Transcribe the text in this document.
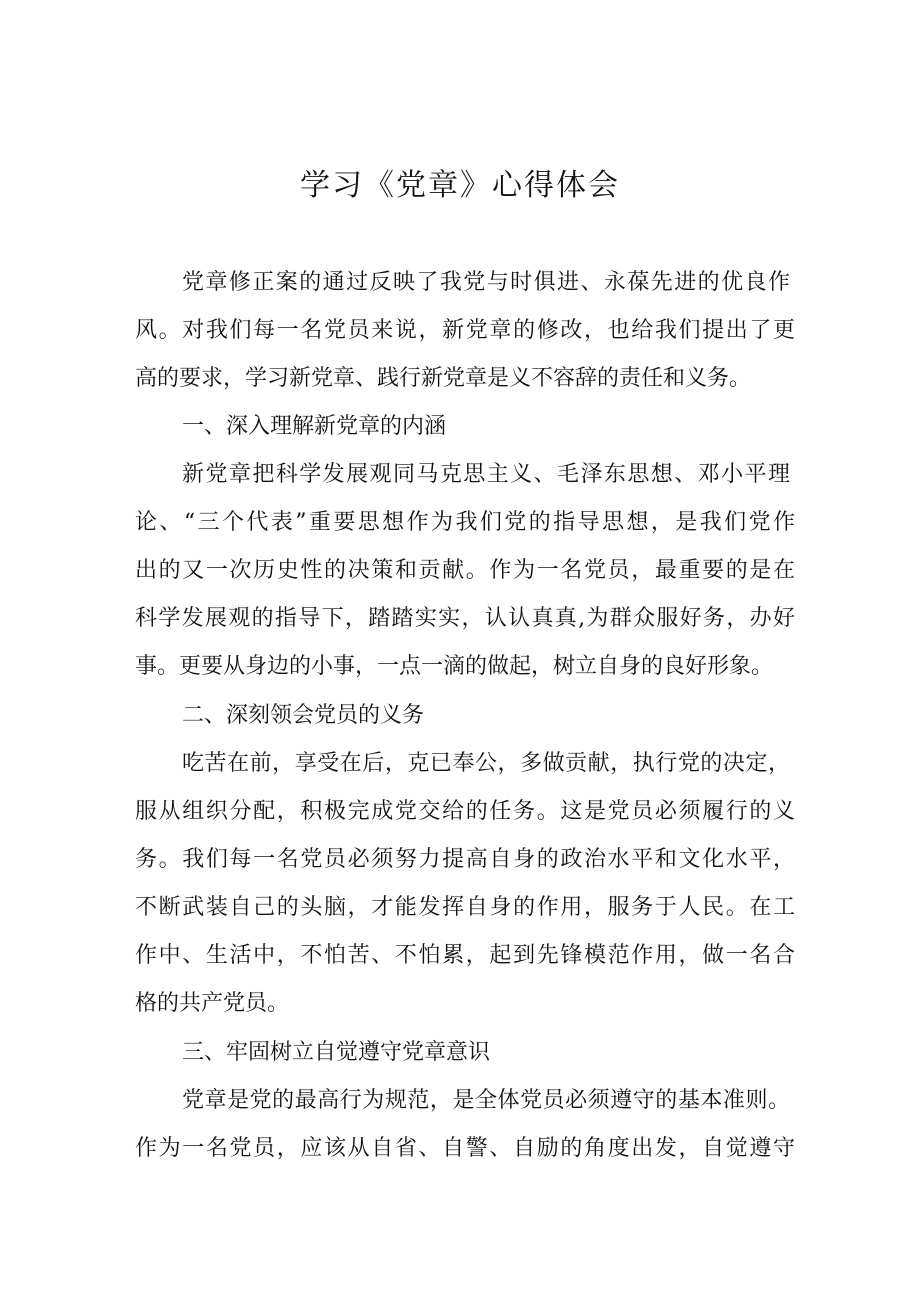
学习《党章》心得体会

党章修正案的通过反映了我党与时俱进、永葆先进的优良作

风。对我们每一名党员来说，新党章的修改，也给我们提出了更

高的要求，学习新党章、践行新党章是义不容辞的责任和义务。

一、深入理解新党章的内涵

新党章把科学发展观同马克思主义、毛泽东思想、邓小平理

论、“三个代表”重要思想作为我们党的指导思想，是我们党作

出的又一次历史性的决策和贡献。作为一名党员，最重要的是在

科学发展观的指导下，踏踏实实，认认真真,为群众服好务，办好

事。更要从身边的小事，一点一滴的做起，树立自身的良好形象。

二、深刻领会党员的义务

吃苦在前，享受在后，克已奉公，多做贡献，执行党的决定，

服从组织分配，积极完成党交给的任务。这是党员必须履行的义

务。我们每一名党员必须努力提高自身的政治水平和文化水平，

不断武装自己的头脑，才能发挥自身的作用，服务于人民。在工

作中、生活中，不怕苦、不怕累，起到先锋模范作用，做一名合

格的共产党员。

三、牢固树立自觉遵守党章意识

党章是党的最高行为规范，是全体党员必须遵守的基本准则。

作为一名党员，应该从自省、自警、自励的角度出发，自觉遵守
